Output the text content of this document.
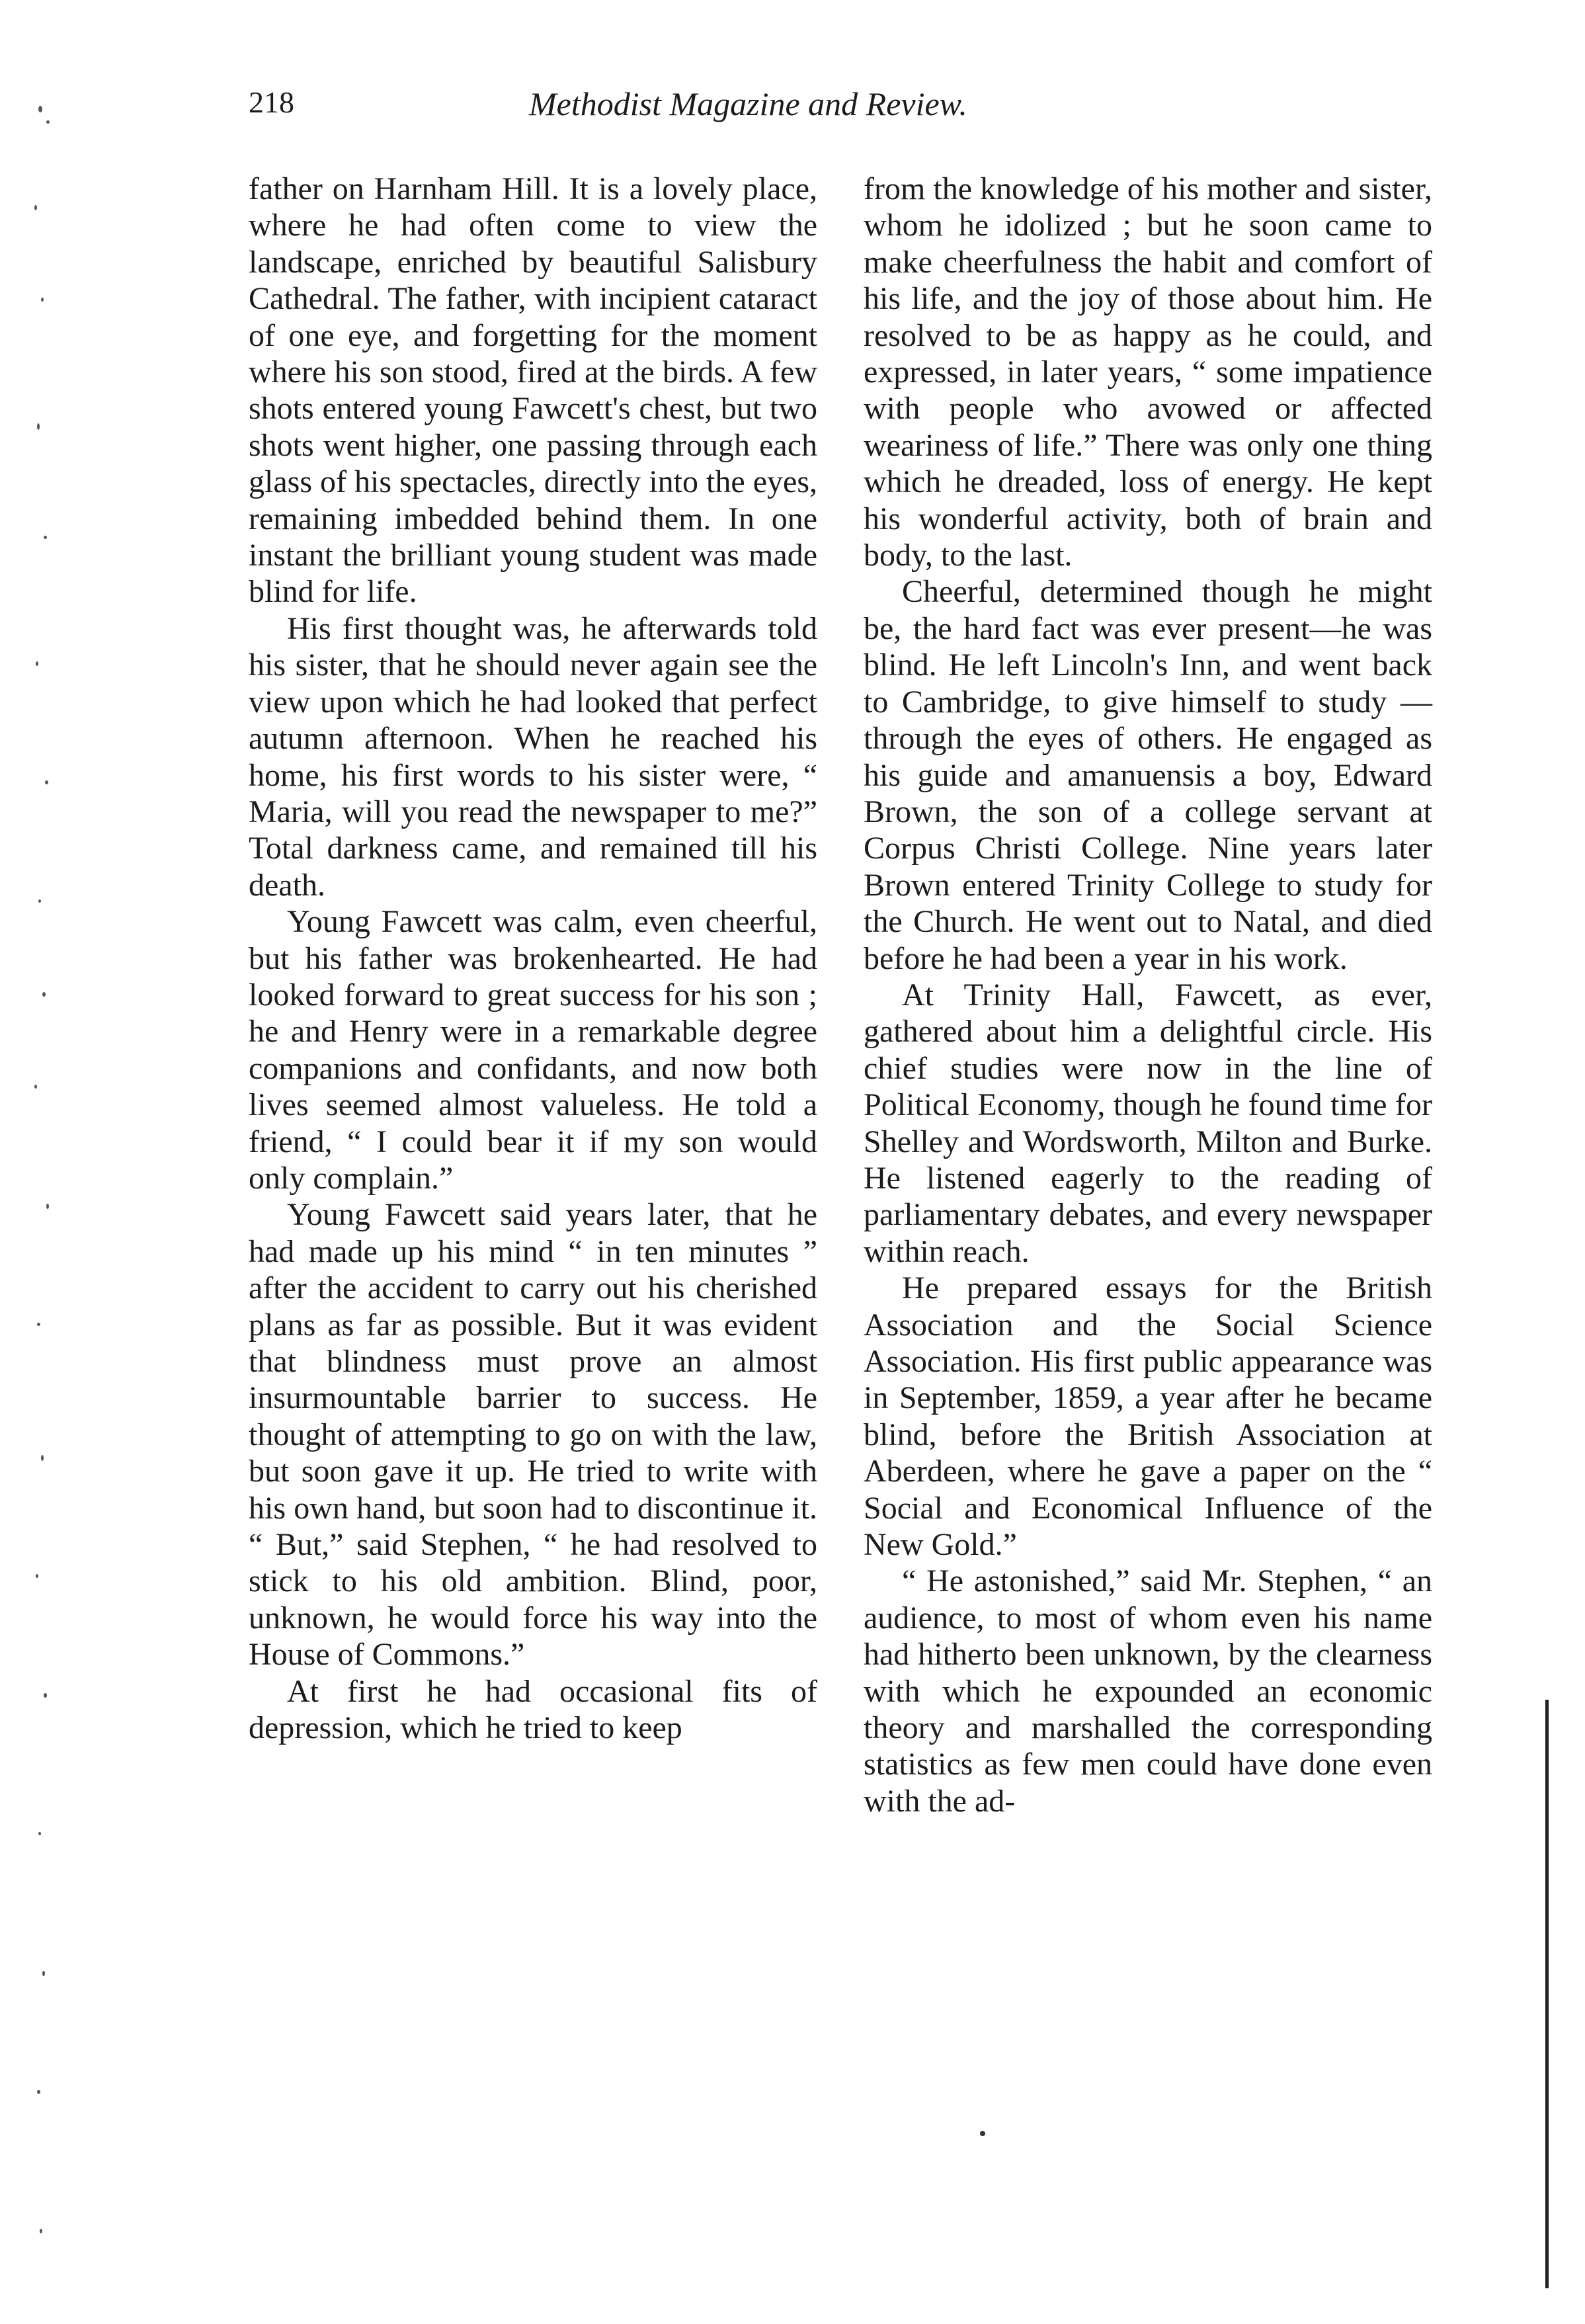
218	Methodist Magazine and Review.

father on Harnham Hill. It is a lovely place, where he had often come to view the landscape, enriched by beautiful Salisbury Cathedral. The father, with incipient cataract of one eye, and forgetting for the moment where his son stood, fired at the birds. A few shots entered young Fawcett's chest, but two shots went higher, one passing through each glass of his spectacles, directly into the eyes, remaining imbedded behind them. In one instant the brilliant young student was made blind for life.

His first thought was, he afterwards told his sister, that he should never again see the view upon which he had looked that perfect autumn afternoon. When he reached his home, his first words to his sister were, “ Maria, will you read the newspaper to me?” Total darkness came, and remained till his death.

Young Fawcett was calm, even cheerful, but his father was brokenhearted. He had looked forward to great success for his son ; he and Henry were in a remarkable degree companions and confidants, and now both lives seemed almost valueless. He told a friend, “ I could bear it if my son would only complain.”

Young Fawcett said years later, that he had made up his mind “ in ten minutes ” after the accident to carry out his cherished plans as far as possible. But it was evident that blindness must prove an almost insurmountable barrier to success. He thought of attempting to go on with the law, but soon gave it up. He tried to write with his own hand, but soon had to discontinue it. “ But,” said Stephen, “ he had resolved to stick to his old ambition. Blind, poor, unknown, he would force his way into the House of Commons.”

At first he had occasional fits of depression, which he tried to keep

from the knowledge of his mother and sister, whom he idolized ; but he soon came to make cheerfulness the habit and comfort of his life, and the joy of those about him. He resolved to be as happy as he could, and expressed, in later years, “ some impatience with people who avowed or affected weariness of life.” There was only one thing which he dreaded, loss of energy. He kept his wonderful activity, both of brain and body, to the last.

Cheerful, determined though he might be, the hard fact was ever present—he was blind. He left Lincoln's Inn, and went back to Cambridge, to give himself to study —through the eyes of others. He engaged as his guide and amanuensis a boy, Edward Brown, the son of a college servant at Corpus Christi College. Nine years later Brown entered Trinity College to study for the Church. He went out to Natal, and died before he had been a year in his work.

At Trinity Hall, Fawcett, as ever, gathered about him a delightful circle. His chief studies were now in the line of Political Economy, though he found time for Shelley and Wordsworth, Milton and Burke. He listened eagerly to the reading of parliamentary debates, and every newspaper within reach.

He prepared essays for the British Association and the Social Science Association. His first public appearance was in September, 1859, a year after he became blind, before the British Association at Aberdeen, where he gave a paper on the “ Social and Economical Influence of the New Gold.”

“ He astonished,” said Mr. Stephen, “ an audience, to most of whom even his name had hitherto been unknown, by the clearness with which he expounded an economic theory and marshalled the corresponding statistics as few men could have done even with the ad-
